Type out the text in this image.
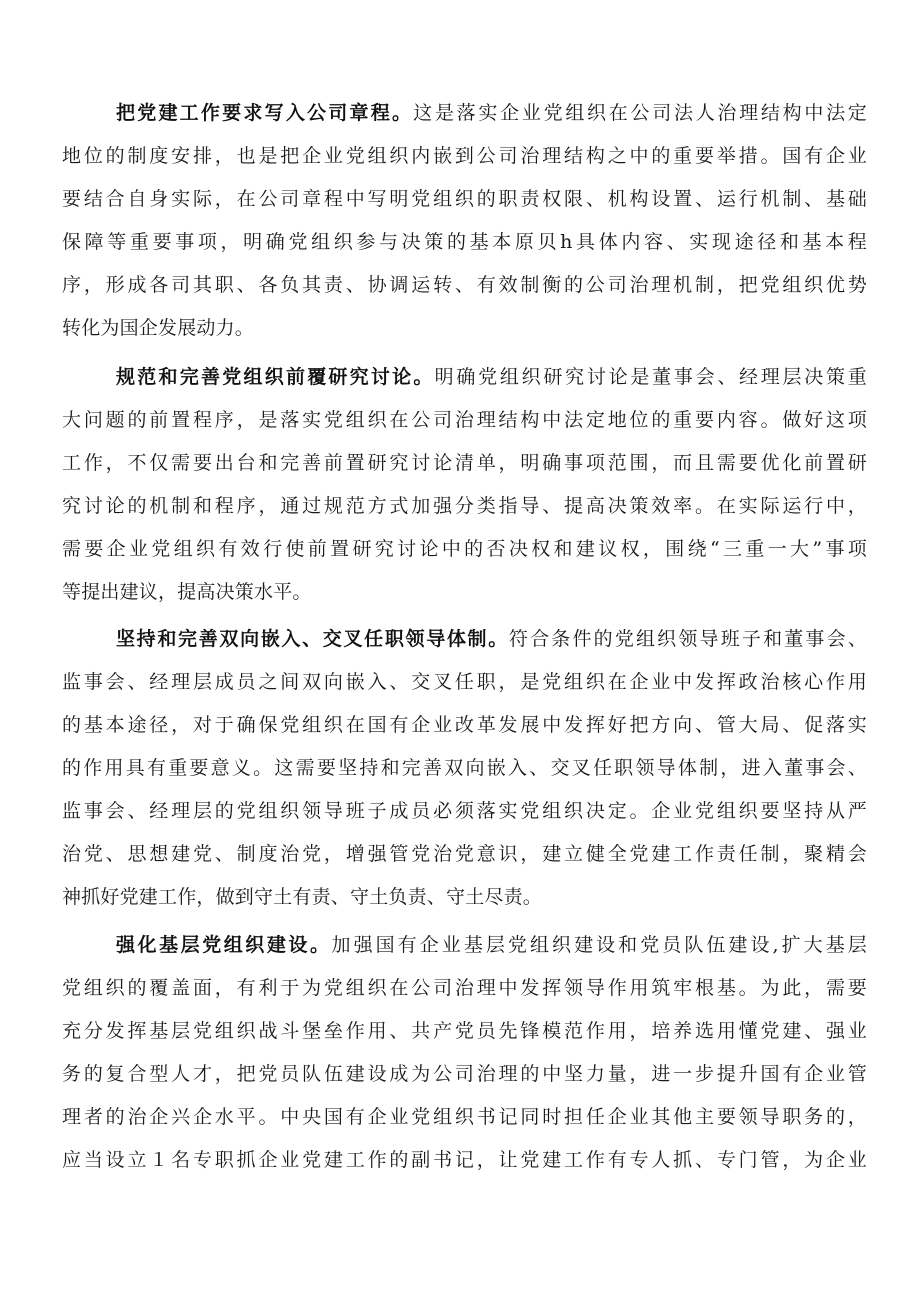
把党建工作要求写入公司章程。这是落实企业党组织在公司法人治理结构中法定
地位的制度安排，也是把企业党组织内嵌到公司治理结构之中的重要举措。国有企业
要结合自身实际，在公司章程中写明党组织的职责权限、机构设置、运行机制、基础
保障等重要事项，明确党组织参与决策的基本原贝h具体内容、实现途径和基本程
序，形成各司其职、各负其责、协调运转、有效制衡的公司治理机制，把党组织优势
转化为国企发展动力。
规范和完善党组织前覆研究讨论。明确党组织研究讨论是董事会、经理层决策重
大问题的前置程序，是落实党组织在公司治理结构中法定地位的重要内容。做好这项
工作，不仅需要出台和完善前置研究讨论清单，明确事项范围，而且需要优化前置研
究讨论的机制和程序，通过规范方式加强分类指导、提高决策效率。在实际运行中，
需要企业党组织有效行使前置研究讨论中的否决权和建议权，围绕“三重一大”事项
等提出建议，提高决策水平。
坚持和完善双向嵌入、交叉任职领导体制。符合条件的党组织领导班子和董事会、
监事会、经理层成员之间双向嵌入、交叉任职，是党组织在企业中发挥政治核心作用
的基本途径，对于确保党组织在国有企业改革发展中发挥好把方向、管大局、促落实
的作用具有重要意义。这需要坚持和完善双向嵌入、交叉任职领导体制，进入董事会、
监事会、经理层的党组织领导班子成员必须落实党组织决定。企业党组织要坚持从严
治党、思想建党、制度治党，增强管党治党意识，建立健全党建工作责任制，聚精会
神抓好党建工作，做到守土有责、守土负责、守土尽责。
强化基层党组织建设。加强国有企业基层党组织建设和党员队伍建设,扩大基层
党组织的覆盖面，有利于为党组织在公司治理中发挥领导作用筑牢根基。为此，需要
充分发挥基层党组织战斗堡垒作用、共产党员先锋模范作用，培养选用懂党建、强业
务的复合型人才，把党员队伍建设成为公司治理的中坚力量，进一步提升国有企业管
理者的治企兴企水平。中央国有企业党组织书记同时担任企业其他主要领导职务的，
应当设立１名专职抓企业党建工作的副书记，让党建工作有专人抓、专门管，为企业
